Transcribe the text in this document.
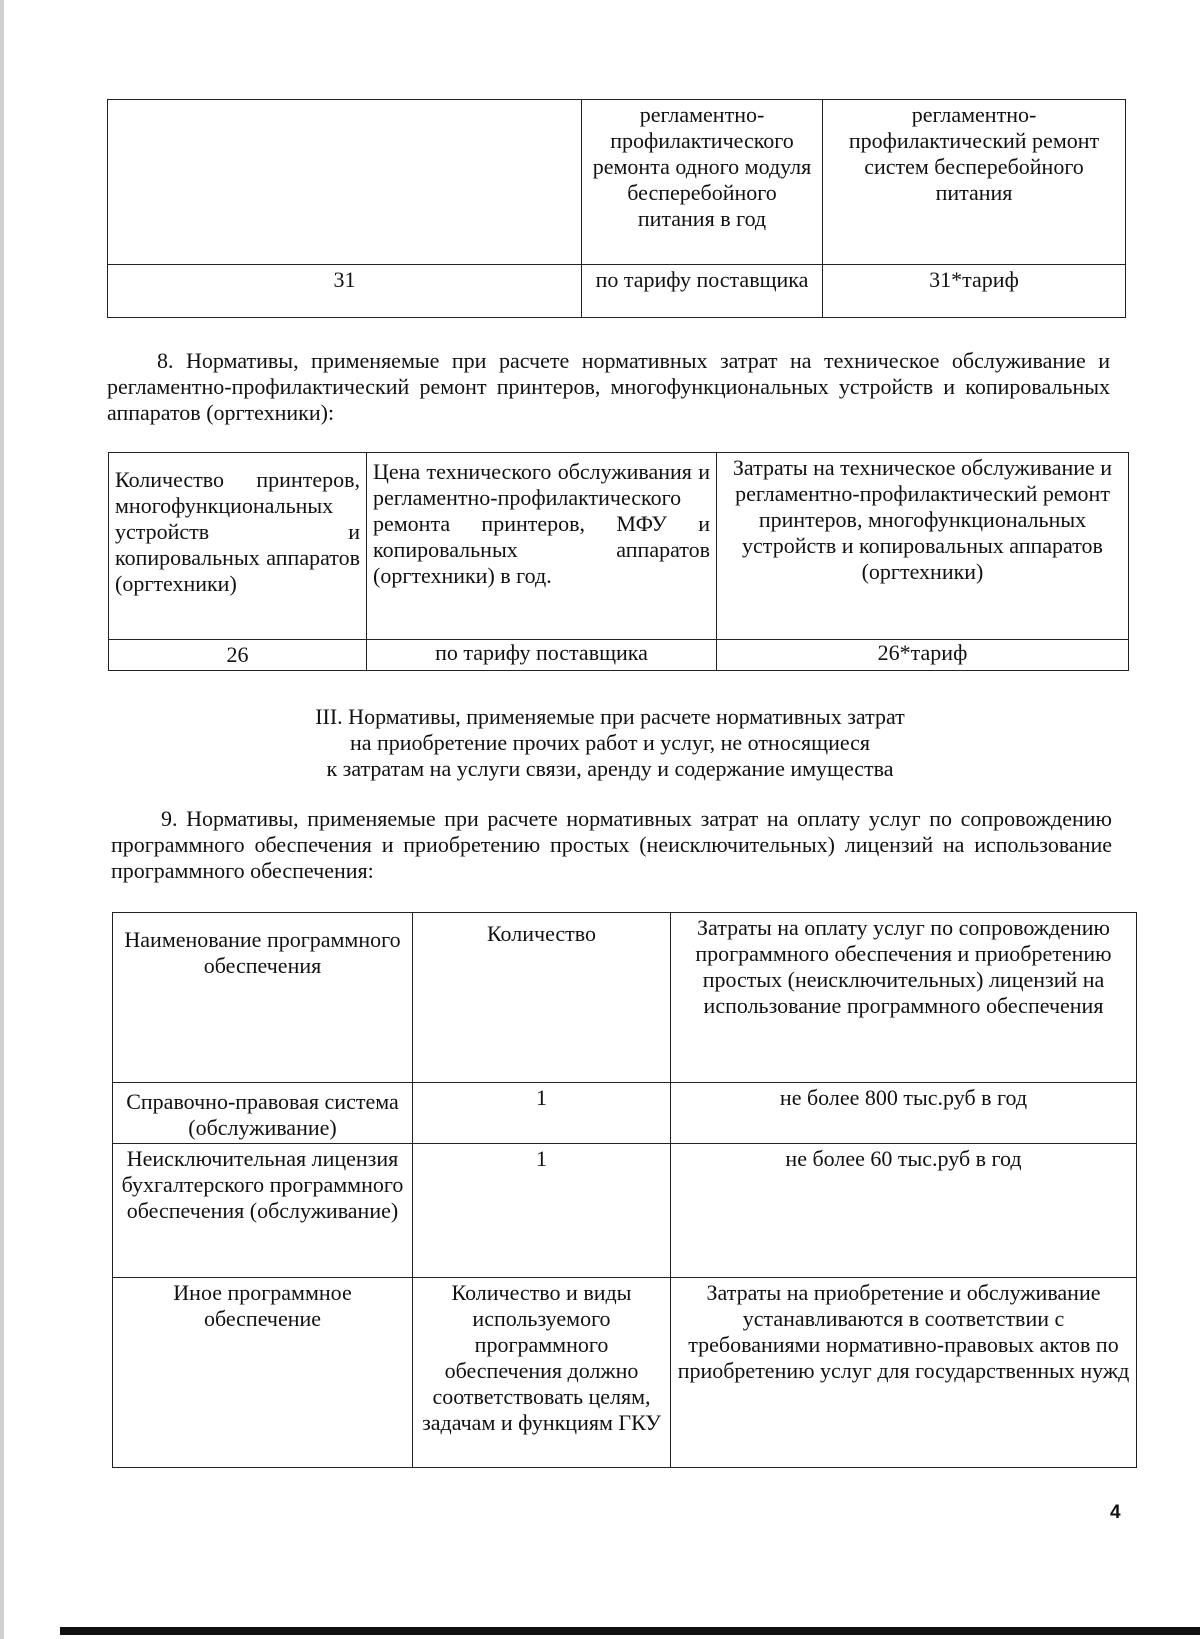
	регламентно-профилактического ремонта одного модуля бесперебойного питания в год	регламентно-профилактический ремонт систем бесперебойного питания
31	по тарифу поставщика	31*тариф
8. Нормативы, применяемые при расчете нормативных затрат на техническое обслуживание и регламентно-профилактический ремонт принтеров, многофункциональных устройств и копировальных аппаратов (оргтехники):
Количество принтеров, многофункциональных устройств и копировальных аппаратов (оргтехники)	Цена технического обслуживания и регламентно-профилактического ремонта принтеров, МФУ и копировальных аппаратов (оргтехники) в год.	Затраты на техническое обслуживание и регламентно-профилактический ремонт принтеров, многофункциональных устройств и копировальных аппаратов (оргтехники)
26	по тарифу поставщика	26*тариф
III. Нормативы, применяемые при расчете нормативных затрат
на приобретение прочих работ и услуг, не относящиеся
к затратам на услуги связи, аренду и содержание имущества
9. Нормативы, применяемые при расчете нормативных затрат на оплату услуг по сопровождению программного обеспечения и приобретению простых (неисключительных) лицензий на использование программного обеспечения:
Наименование программного обеспечения	Количество	Затраты на оплату услуг по сопровождению программного обеспечения и приобретению простых (неисключительных) лицензий на использование программного обеспечения
Справочно-правовая система (обслуживание)	1	не более 800 тыс.руб в год
Неисключительная лицензия бухгалтерского программного обеспечения (обслуживание)	1	не более 60 тыс.руб в год
Иное программное обеспечение	Количество и виды используемого программного обеспечения должно соответствовать целям, задачам и функциям ГКУ	Затраты на приобретение и обслуживание устанавливаются в соответствии с требованиями нормативно-правовых актов по приобретению услуг для государственных нужд
4
